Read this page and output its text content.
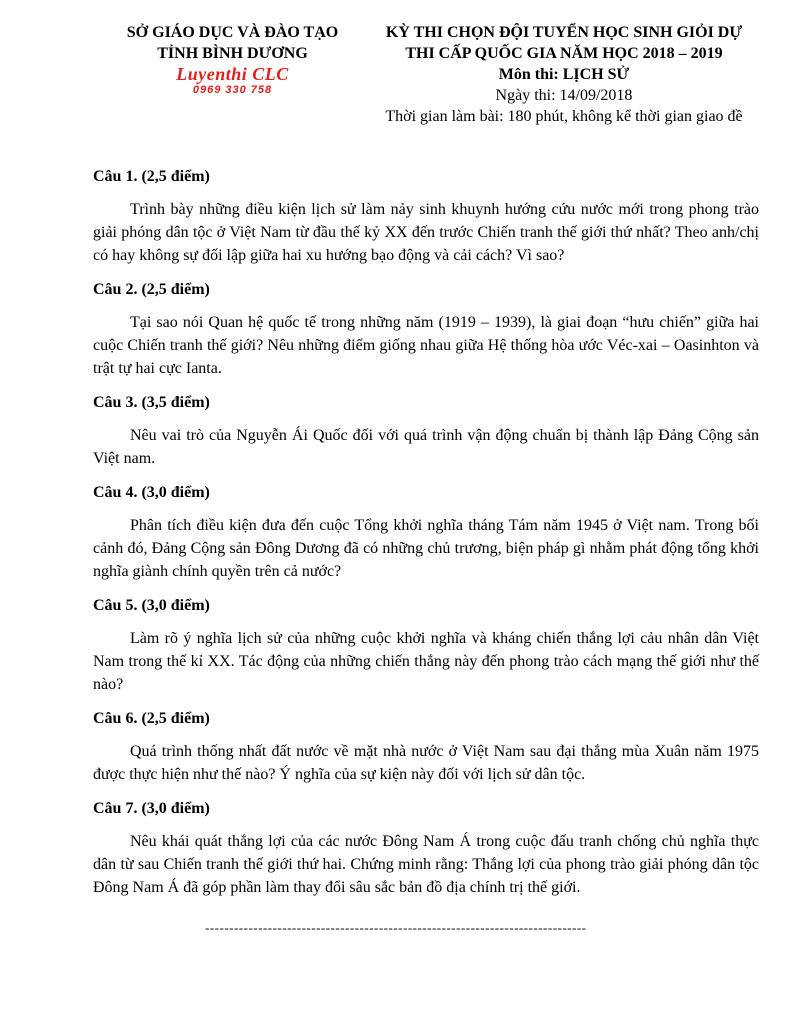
SỞ GIÁO DỤC VÀ ĐÀO TẠO
TỈNH BÌNH DƯƠNG
Luyenthi CLC
0969 330 758
KỲ THI CHỌN ĐỘI TUYỂN HỌC SINH GIỎI DỰ
THI CẤP QUỐC GIA NĂM HỌC 2018 – 2019
Môn thi: LỊCH SỬ
Ngày thi: 14/09/2018
Thời gian làm bài: 180 phút, không kể thời gian giao đề
Câu 1. (2,5 điểm)
Trình bày những điều kiện lịch sử làm nảy sinh khuynh hướng cứu nước mới trong phong trào giải phóng dân tộc ở Việt Nam từ đầu thế kỷ XX đến trước Chiến tranh thế giới thứ nhất? Theo anh/chị có hay không sự đối lập giữa hai xu hướng bạo động và cải cách? Vì sao?
Câu 2. (2,5 điểm)
Tại sao nói Quan hệ quốc tế trong những năm (1919 – 1939), là giai đoạn “hưu chiến” giữa hai cuộc Chiến tranh thế giới? Nêu những điểm giống nhau giữa Hệ thống hòa ước Véc-xai – Oasinhton và trật tự hai cực Ianta.
Câu 3. (3,5 điểm)
Nêu vai trò của Nguyễn Ái Quốc đối với quá trình vận động chuẩn bị thành lập Đảng Cộng sản Việt nam.
Câu 4. (3,0 điểm)
Phân tích điều kiện đưa đến cuộc Tổng khởi nghĩa tháng Tám năm 1945 ở Việt nam. Trong bối cảnh đó, Đảng Cộng sản Đông Dương đã có những chủ trương, biện pháp gì nhằm phát động tổng khởi nghĩa giành chính quyền trên cả nước?
Câu 5. (3,0 điểm)
Làm rõ ý nghĩa lịch sử của những cuộc khởi nghĩa và kháng chiến thắng lợi cảu nhân dân Việt Nam trong thế kỉ XX. Tác động của những chiến thắng này đến phong trào cách mạng thế giới như thế nào?
Câu 6. (2,5 điểm)
Quá trình thống nhất đất nước về mặt nhà nước ở Việt Nam sau đại thắng mùa Xuân năm 1975 được thực hiện như thế nào? Ý nghĩa của sự kiện này đối với lịch sử dân tộc.
Câu 7. (3,0 điểm)
Nêu khái quát thắng lợi của các nước Đông Nam Á trong cuộc đấu tranh chống chủ nghĩa thực dân từ sau Chiến tranh thế giới thứ hai. Chứng minh rằng: Thắng lợi của phong trào giải phóng dân tộc Đông Nam Á đã góp phần làm thay đổi sâu sắc bản đồ địa chính trị thế giới.
-------------------------------------------------------------------------------
